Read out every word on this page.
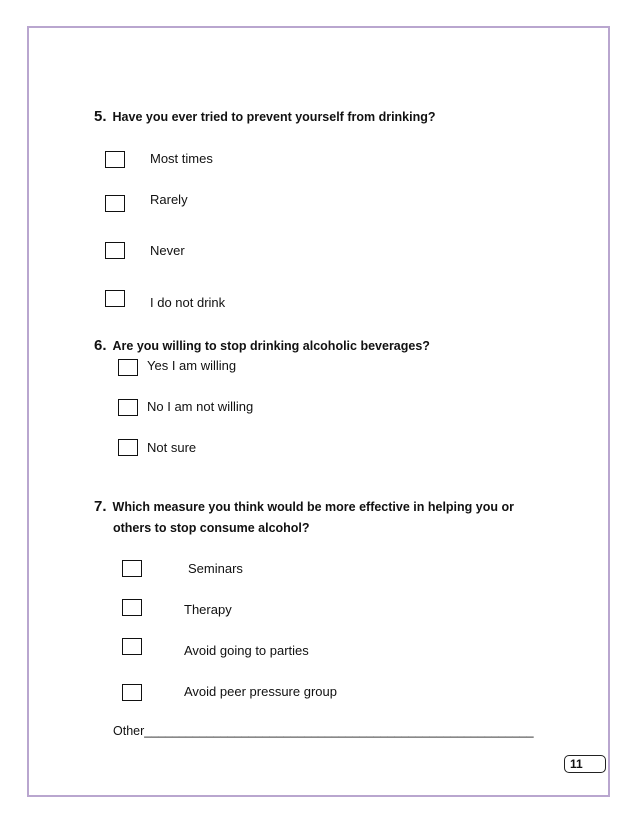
5. Have you ever tried to prevent yourself from drinking?
Most times
Rarely
Never
I do not drink
6. Are you willing to stop drinking alcoholic beverages?
Yes I am willing
No I am not willing
Not sure
7. Which measure you think would be more effective in helping you or
others to stop consume alcohol?
Seminars
Therapy
Avoid going to parties
Avoid peer pressure group
Other________________________________________________________
11
